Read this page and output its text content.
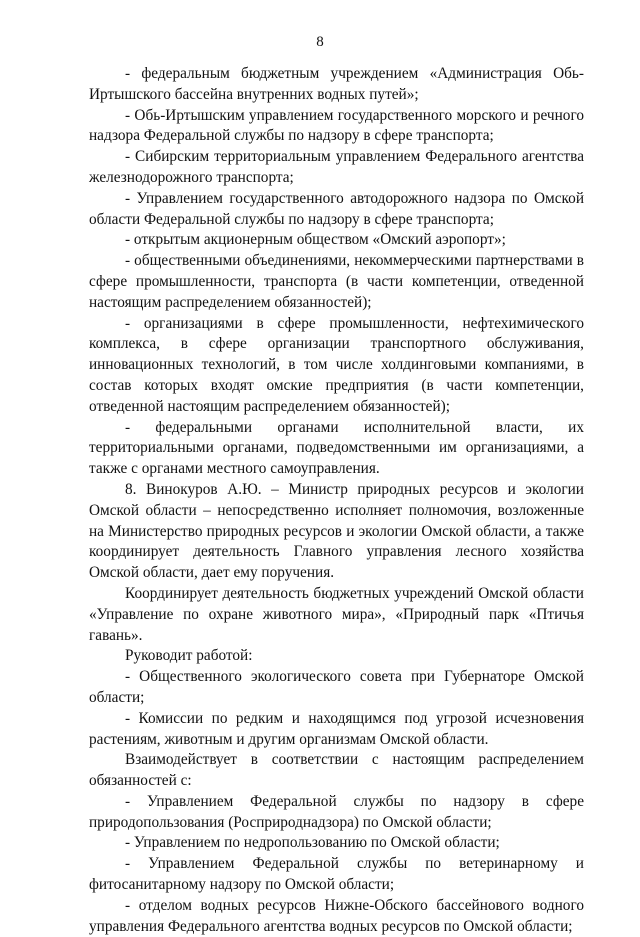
8

- федеральным бюджетным учреждением «Администрация Обь-Иртышского бассейна внутренних водных путей»;

- Обь-Иртышским управлением государственного морского и речного надзора Федеральной службы по надзору в сфере транспорта;

- Сибирским территориальным управлением Федерального агентства железнодорожного транспорта;

- Управлением государственного автодорожного надзора по Омской области Федеральной службы по надзору в сфере транспорта;

- открытым акционерным обществом «Омский аэропорт»;

- общественными объединениями, некоммерческими партнерствами в сфере промышленности, транспорта (в части компетенции, отведенной настоящим распределением обязанностей);

- организациями в сфере промышленности, нефтехимического комплекса, в сфере организации транспортного обслуживания, инновационных технологий, в том числе холдинговыми компаниями, в состав которых входят омские предприятия (в части компетенции, отведенной настоящим распределением обязанностей);

- федеральными органами исполнительной власти, их территориальными органами, подведомственными им организациями, а также с органами местного самоуправления.

8. Винокуров А.Ю. – Министр природных ресурсов и экологии Омской области – непосредственно исполняет полномочия, возложенные на Министерство природных ресурсов и экологии Омской области, а также координирует деятельность Главного управления лесного хозяйства Омской области, дает ему поручения.

Координирует деятельность бюджетных учреждений Омской области «Управление по охране животного мира», «Природный парк «Птичья гавань».

Руководит работой:

- Общественного экологического совета при Губернаторе Омской области;

- Комиссии по редким и находящимся под угрозой исчезновения растениям, животным и другим организмам Омской области.

Взаимодействует в соответствии с настоящим распределением обязанностей с:

- Управлением Федеральной службы по надзору в сфере природопользования (Росприроднадзора) по Омской области;

- Управлением по недропользованию по Омской области;

- Управлением Федеральной службы по ветеринарному и фитосанитарному надзору по Омской области;

- отделом водных ресурсов Нижне-Обского бассейнового водного управления Федерального агентства водных ресурсов по Омской области;
